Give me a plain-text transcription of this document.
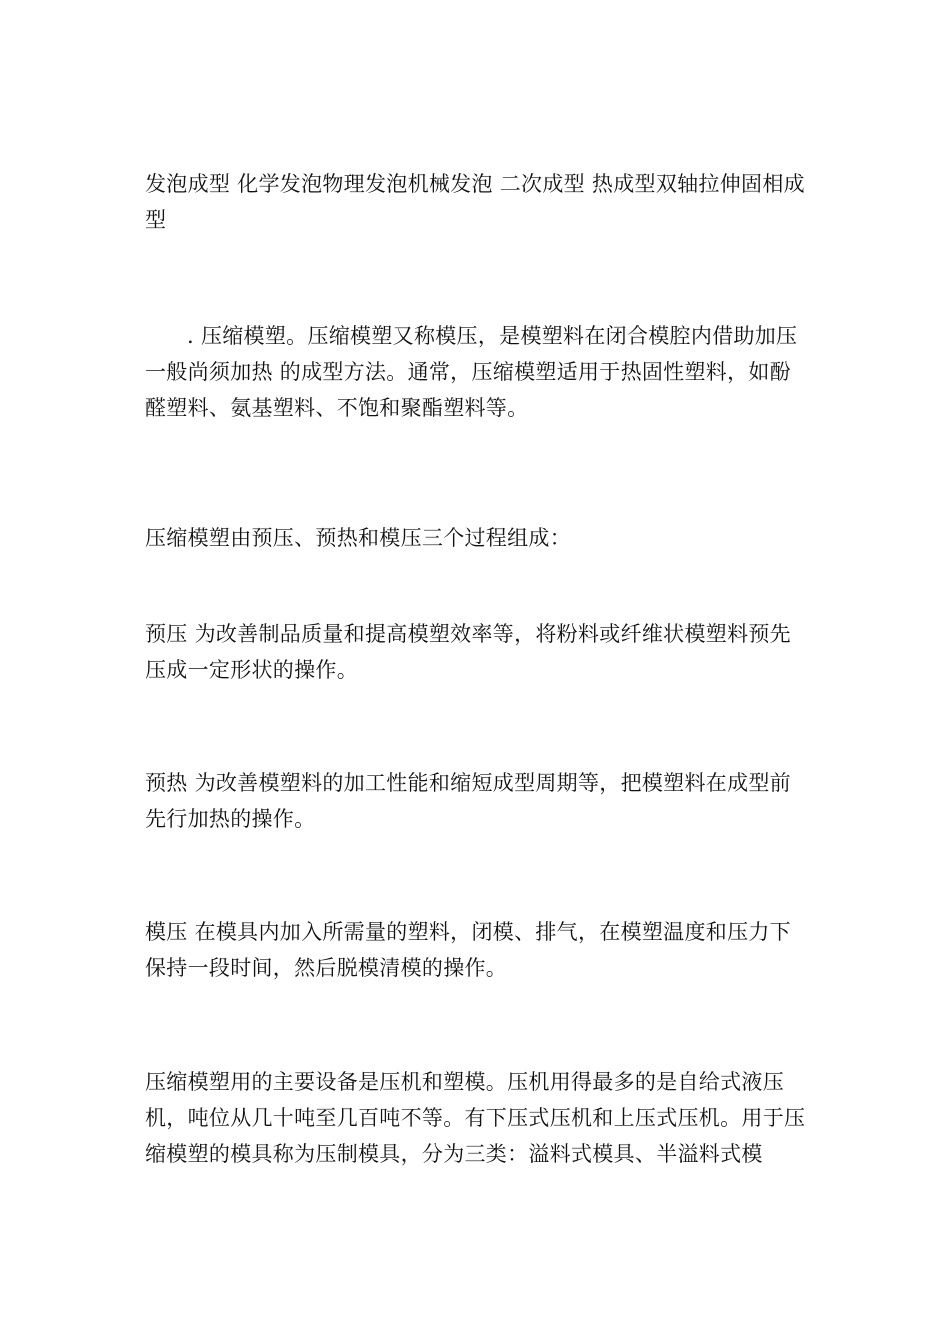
发泡成型 化学发泡物理发泡机械发泡 二次成型 热成型双轴拉伸固相成型

. 压缩模塑。压缩模塑又称模压，是模塑料在闭合模腔内借助加压 一般尚须加热 的成型方法。通常，压缩模塑适用于热固性塑料，如酚醛塑料、氨基塑料、不饱和聚酯塑料等。

压缩模塑由预压、预热和模压三个过程组成：

预压 为改善制品质量和提高模塑效率等，将粉料或纤维状模塑料预先压成一定形状的操作。

预热 为改善模塑料的加工性能和缩短成型周期等，把模塑料在成型前先行加热的操作。

模压 在模具内加入所需量的塑料，闭模、排气，在模塑温度和压力下保持一段时间，然后脱模清模的操作。

压缩模塑用的主要设备是压机和塑模。压机用得最多的是自给式液压机，吨位从几十吨至几百吨不等。有下压式压机和上压式压机。用于压缩模塑的模具称为压制模具，分为三类：溢料式模具、半溢料式模
